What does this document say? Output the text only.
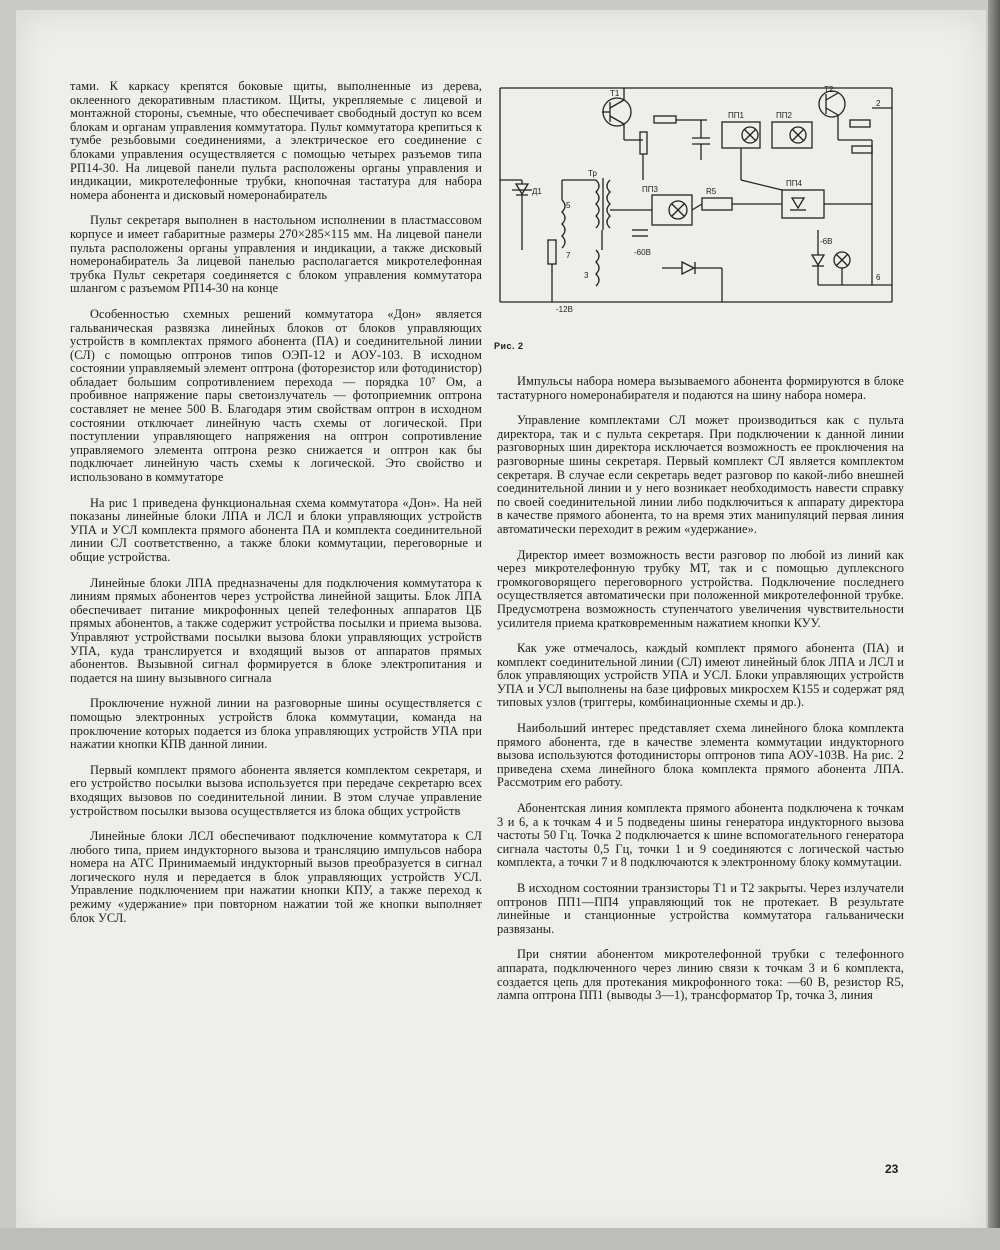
тами. К каркасу крепятся боковые щиты, выполненные из дерева, оклеенного декоративным пластиком. Щиты, укрепляемые с лицевой и монтажной стороны, съемные, что обеспечивает свободный доступ ко всем блокам и органам управления коммутатора. Пульт коммутатора крепиться к тумбе резьбовыми соединениями, а электрическое его соединение с блоками управления осуществляется с помощью четырех разъемов типа РП14-30. На лицевой панели пульта расположены органы управления и индикации, микротелефонные трубки, кнопочная тастатура для набора номера абонента и дисковый номеронабиратель

Пульт секретаря выполнен в настольном исполнении в пластмассовом корпусе и имеет габаритные размеры 270×285×115 мм. На лицевой панели пульта расположены органы управления и индикации, а также дисковый номеронабиратель За лицевой панелью располагается микротелефонная трубка Пульт секретаря соединяется с блоком управления коммутатора шлангом с разъемом РП14-30 на конце

Особенностью схемных решений коммутатора «Дон» является гальваническая развязка линейных блоков от блоков управляющих устройств в комплектах прямого абонента (ПА) и соединительной линии (СЛ) с помощью оптронов типов ОЭП-12 и АОУ-103. В исходном состоянии управляемый элемент оптрона (фоторезистор или фотодинистор) обладает большим сопротивлением перехода — порядка 10⁷ Ом, а пробивное напряжение пары светоизлучатель — фотоприемник оптрона составляет не менее 500 В. Благодаря этим свойствам оптрон в исходном состоянии отключает линейную часть схемы от логической. При поступлении управляющего напряжения на оптрон сопротивление управляемого элемента оптрона резко снижается и оптрон как бы подключает линейную часть схемы к логической. Это свойство и использовано в коммутаторе

На рис 1 приведена функциональная схема коммутатора «Дон». На ней показаны линейные блоки ЛПА и ЛСЛ и блоки управляющих устройств УПА и УСЛ комплекта прямого абонента ПА и комплекта соединительной линии СЛ соответственно, а также блоки коммутации, переговорные и общие устройства.

Линейные блоки ЛПА предназначены для подключения коммутатора к линиям прямых абонентов через устройства линейной защиты. Блок ЛПА обеспечивает питание микрофонных цепей телефонных аппаратов ЦБ прямых абонентов, а также содержит устройства посылки и приема вызова. Управляют устройствами посылки вызова блоки управляющих устройств УПА, куда транслируется и входящий вызов от аппаратов прямых абонентов. Вызывной сигнал формируется в блоке электропитания и подается на шину вызывного сигнала

Проключение нужной линии на разговорные шины осуществляется с помощью электронных устройств блока коммутации, команда на проключение которых подается из блока управляющих устройств УПА при нажатии кнопки КПВ данной линии.

Первый комплект прямого абонента является комплектом секретаря, и его устройство посылки вызова используется при передаче секретарю всех входящих вызовов по соединительной линии. В этом случае управление устройством посылки вызова осуществляется из блока общих устройств

Линейные блоки ЛСЛ обеспечивают подключение коммутатора к СЛ любого типа, прием индукторного вызова и трансляцию импульсов набора номера на АТС Принимаемый индукторный вызов преобразуется в сигнал логического нуля и передается в блок управляющих устройств УСЛ. Управление подключением при нажатии кнопки КПУ, а также переход к режиму «удержание» при повторном нажатии той же кнопки выполняет блок УСЛ.

Т1
ПП1	ПП2
Т2
2
Д1
5
7
-12В
Тр
3
ПП3	R5
-60В
ПП4
-6В
6
Рис. 2

Импульсы набора номера вызываемого абонента формируются в блоке тастатурного номеронабирателя и подаются на шину набора номера.

Управление комплектами СЛ может производиться как с пульта директора, так и с пульта секретаря. При подключении к данной линии разговорных шин директора исключается возможность ее проключения на разговорные шины секретаря. Первый комплект СЛ является комплектом секретаря. В случае если секретарь ведет разговор по какой-либо внешней соединительной линии и у него возникает необходимость навести справку по своей соединительной линии либо подключиться к аппарату директора в качестве прямого абонента, то на время этих манипуляций первая линия автоматически переходит в режим «удержание».

Директор имеет возможность вести разговор по любой из линий как через микротелефонную трубку МТ, так и с помощью дуплексного громкоговорящего переговорного устройства. Подключение последнего осуществляется автоматически при положенной микротелефонной трубке. Предусмотрена возможность ступенчатого увеличения чувствительности усилителя приема кратковременным нажатием кнопки КУУ.

Как уже отмечалось, каждый комплект прямого абонента (ПА) и комплект соединительной линии (СЛ) имеют линейный блок ЛПА и ЛСЛ и блок управляющих устройств УПА и УСЛ. Блоки управляющих устройств УПА и УСЛ выполнены на базе цифровых микросхем К155 и содержат ряд типовых узлов (триггеры, комбинационные схемы и др.).

Наибольший интерес представляет схема линейного блока комплекта прямого абонента, где в качестве элемента коммутации индукторного вызова используются фотодинисторы оптронов типа АОУ-103В. На рис. 2 приведена схема линейного блока комплекта прямого абонента ЛПА. Рассмотрим его работу.

Абонентская линия комплекта прямого абонента подключена к точкам 3 и 6, а к точкам 4 и 5 подведены шины генератора индукторного вызова частоты 50 Гц. Точка 2 подключается к шине вспомогательного генератора сигнала частоты 0,5 Гц, точки 1 и 9 соединяются с логической частью комплекта, а точки 7 и 8 подключаются к электронному блоку коммутации.

В исходном состоянии транзисторы Т1 и Т2 закрыты. Через излучатели оптронов ПП1—ПП4 управляющий ток не протекает. В результате линейные и станционные устройства коммутатора гальванически развязаны.

При снятии абонентом микротелефонной трубки с телефонного аппарата, подключенного через линию связи к точкам 3 и 6 комплекта, создается цепь для протекания микрофонного тока: —60 В, резистор R5, лампа оптрона ПП1 (выводы 3—1), трансформатор Тр, точка 3, линия

23
